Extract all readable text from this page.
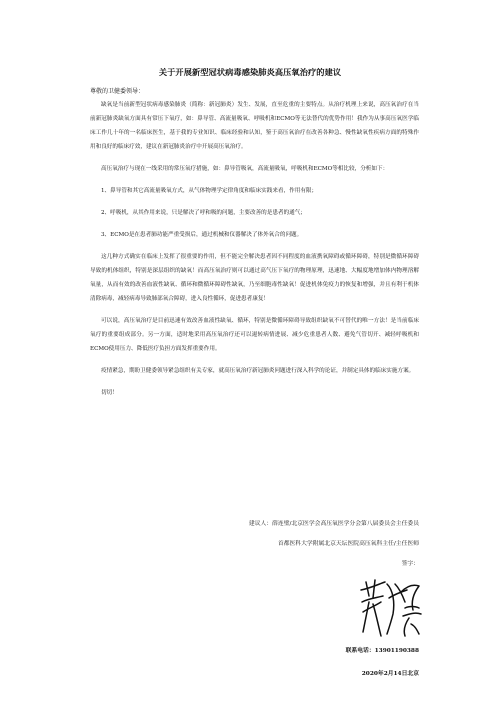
关于开展新型冠状病毒感染肺炎高压氧治疗的建议
尊敬的卫健委领导：

缺氧是当前新型冠状病毒感染肺炎（简称：新冠肺炎）发生、发展，直至危重的主要特点。从治疗机理上来说，高压氧治疗在当前新冠肺炎缺氧方面具有常压下氧疗，如：鼻导管、高流量吸氧、呼吸机和ECMO等无法替代的优势作用！我作为从事高压氧医学临床工作几十年的一名临床医生，基于我的专业知识、临床经验和认知，鉴于高压氧治疗在改善各种急、慢性缺氧性疾病方面的特殊作用和良好的临床疗效，建议在新冠肺炎治疗中开展高压氧治疗。

高压氧治疗与现在一线采用的常压氧疗措施，如：鼻导管吸氧，高流量吸氧，呼吸机和ECMO等相比较，分析如下：

1、鼻导管和其它高流量吸氧方式，从气体物理学定律角度和临床实践来看，作用有限；

2、呼吸机，从其作用来说，只是解决了呼和吸的问题，主要改善的是患者的通气；

3、ECMO是在患者肺功能严重受损后，通过机械和仪器解决了体外氧合的问题。

这几种方式确实在临床上发挥了很重要的作用，但不能完全解决患者因不同程度的血液携氧障碍或循环障碍，特别是微循环障碍导致的机体组织，特别是深层组织的缺氧！而高压氧治疗则可以通过高气压下氧疗的物理原理，迅速地、大幅度地增加体内物理溶解氧量，从而有效的改善血液性缺氧、循环和微循环障碍性缺氧，乃至细胞毒性缺氧！促进机体免疫力的恢复和增强，并且有利于机体清除病毒，减轻病毒导致肺部氧合障碍，进入良性循环，促进患者康复！

可以说，高压氧治疗是目前迅速有效改善血液性缺氧、循环，特别是微循环障碍导致组织缺氧不可替代的唯一方法！是当前临床氧疗的重要组成部分。另一方面，适时地采用高压氧治疗还可以遏转病情进展、减少危重患者人数、避免气管切开、减轻呼吸机和ECMO使用压力、降低医疗负担方面发挥重要作用。

疫情紧急，期盼卫健委领导紧急组织有关专家，就高压氧治疗新冠肺炎问题进行深入科学的论证，并制定具体的临床实施方案。

切切！

建议人：薛连璧/北京医学会高压氧医学分会第八届委员会主任委员
首都医科大学附属北京天坛医院高压氧科主任/主任医师
签字：
联系电话：13901190388
2020年2月14日北京
